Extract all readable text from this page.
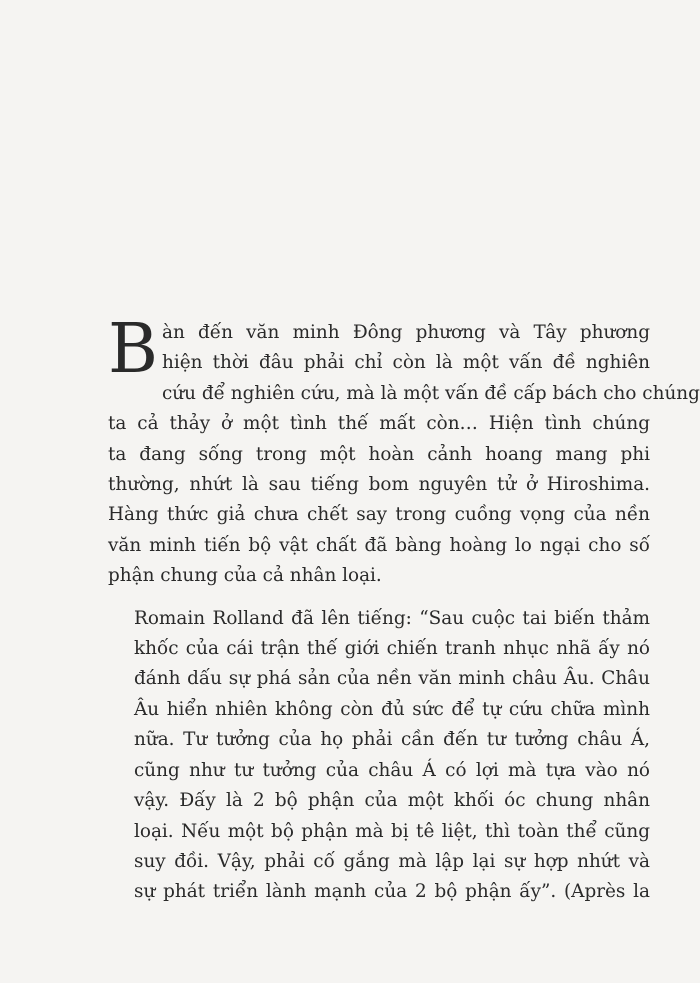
B àn đến văn minh Đông phương và Tây phương
hiện thời đâu phải chỉ còn là một vấn đề nghiên
cứu để nghiên cứu, mà là một vấn đề cấp bách cho chúng
ta cả thảy ở một tình thế mất còn… Hiện tình chúng
ta đang sống trong một hoàn cảnh hoang mang phi
thường, nhứt là sau tiếng bom nguyên tử ở Hiroshima.
Hàng thức giả chưa chết say trong cuồng vọng của nền
văn minh tiến bộ vật chất đã bàng hoàng lo ngại cho số
phận chung của cả nhân loại.
Romain Rolland đã lên tiếng: “Sau cuộc tai biến thảm
khốc của cái trận thế giới chiến tranh nhục nhã ấy nó
đánh dấu sự phá sản của nền văn minh châu Âu. Châu
Âu hiển nhiên không còn đủ sức để tự cứu chữa mình
nữa. Tư tưởng của họ phải cần đến tư tưởng châu Á,
cũng như tư tưởng của châu Á có lợi mà tựa vào nó
vậy. Đấy là 2 bộ phận của một khối óc chung nhân
loại. Nếu một bộ phận mà bị tê liệt, thì toàn thể cũng
suy đồi. Vậy, phải cố gắng mà lập lại sự hợp nhứt và
sự phát triển lành mạnh của 2 bộ phận ấy”. (Après la
